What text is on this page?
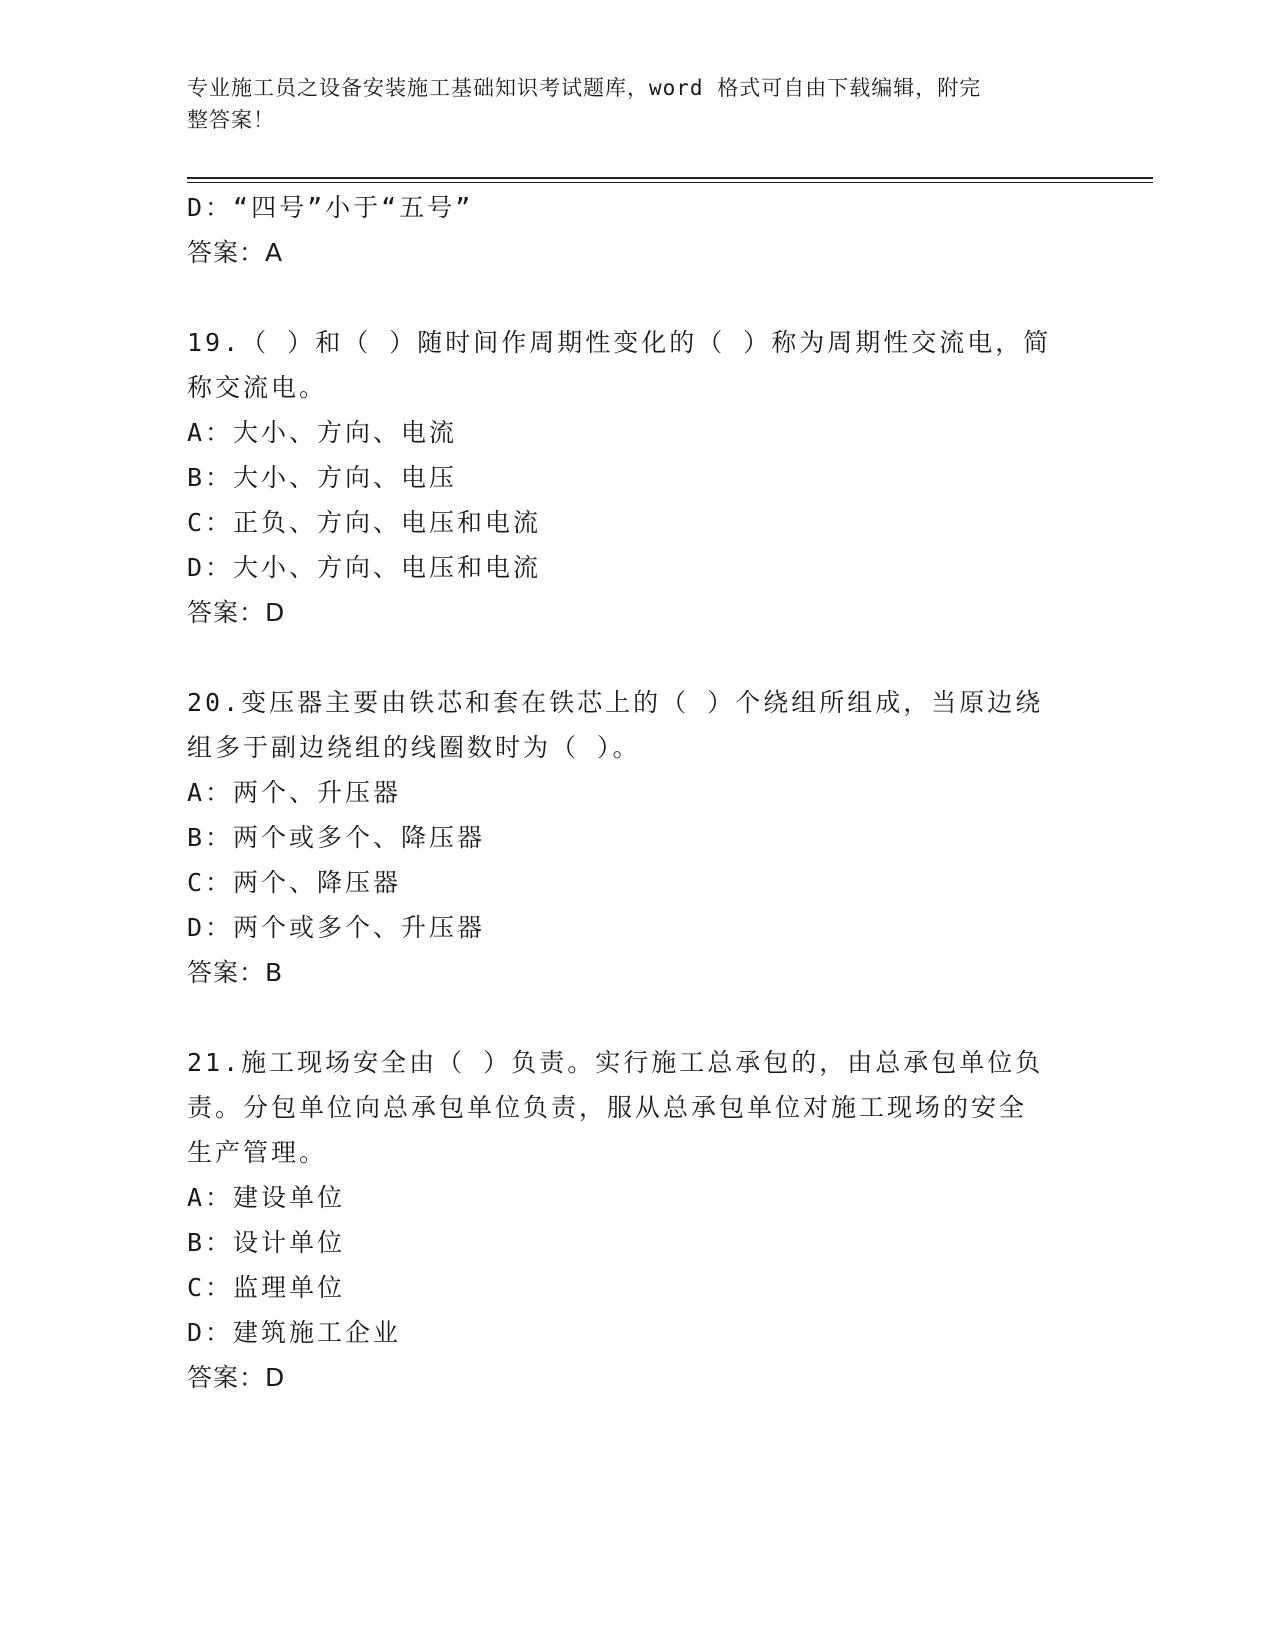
专业施工员之设备安装施工基础知识考试题库，word 格式可自由下载编辑，附完
整答案！
D：“四号”小于“五号”
答案：A
19.（ ）和（ ）随时间作周期性变化的（ ）称为周期性交流电，简
称交流电。
A：大小、方向、电流
B：大小、方向、电压
C：正负、方向、电压和电流
D：大小、方向、电压和电流
答案：D
20.变压器主要由铁芯和套在铁芯上的（ ）个绕组所组成，当原边绕
组多于副边绕组的线圈数时为（ ）。
A：两个、升压器
B：两个或多个、降压器
C：两个、降压器
D：两个或多个、升压器
答案：B
21.施工现场安全由（ ）负责。实行施工总承包的，由总承包单位负
责。分包单位向总承包单位负责，服从总承包单位对施工现场的安全
生产管理。
A：建设单位
B：设计单位
C：监理单位
D：建筑施工企业
答案：D
